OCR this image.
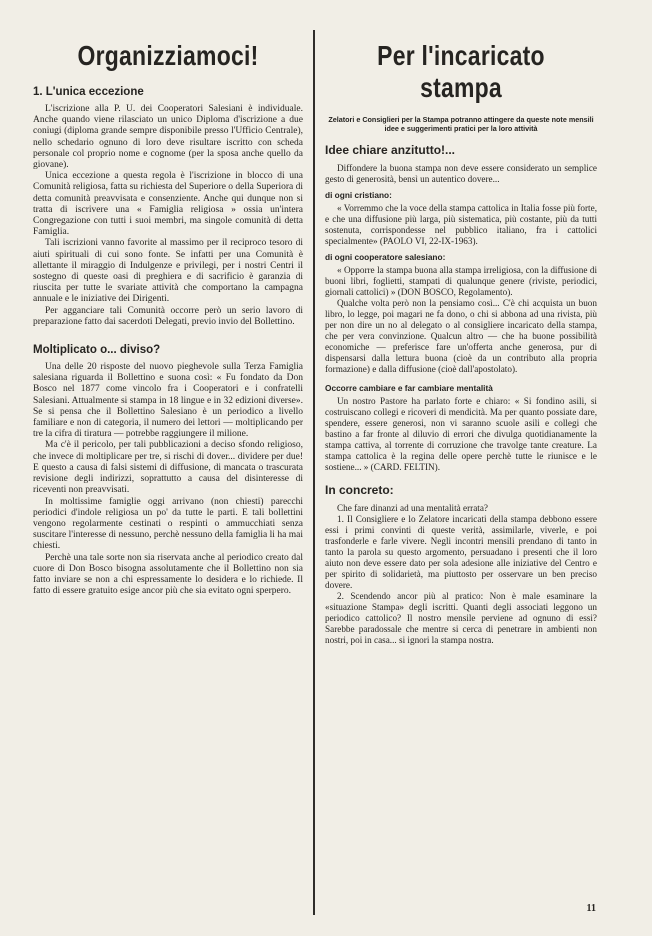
Organizziamoci!
1. L'unica eccezione

L'iscrizione alla P. U. dei Cooperatori Salesiani è individuale. Anche quando viene rilasciato un unico Diploma d'iscrizione a due coniugi (diploma grande sempre disponibile presso l'Ufficio Centrale), nello schedario ognuno di loro deve risultare iscritto con scheda personale col proprio nome e cognome (per la sposa anche quello da giovane).

Unica eccezione a questa regola è l'iscrizione in blocco di una Comunità religiosa, fatta su richiesta del Superiore o della Superiora di detta comunità preavvisata e consenziente. Anche qui dunque non si tratta di iscrivere una « Famiglia religiosa » ossia un'intera Congregazione con tutti i suoi membri, ma singole comunità di detta Famiglia.

Tali iscrizioni vanno favorite al massimo per il reciproco tesoro di aiuti spirituali di cui sono fonte. Se infatti per una Comunità è allettante il miraggio di Indulgenze e privilegi, per i nostri Centri il sostegno di queste oasi di preghiera e di sacrificio è garanzia di riuscita per tutte le svariate attività che comportano la campagna annuale e le iniziative dei Dirigenti.

Per agganciare tali Comunità occorre però un serio lavoro di preparazione fatto dai sacerdoti Delegati, previo invio del Bollettino.

Moltiplicato o... diviso?

Una delle 20 risposte del nuovo pieghevole sulla Terza Famiglia salesiana riguarda il Bollettino e suona così: « Fu fondato da Don Bosco nel 1877 come vincolo fra i Cooperatori e i confratelli Salesiani. Attualmente si stampa in 18 lingue e in 32 edizioni diverse». Se si pensa che il Bollettino Salesiano è un periodico a livello familiare e non di categoria, il numero dei lettori — moltiplicando per tre la cifra di tiratura — potrebbe raggiungere il milione.

Ma c'è il pericolo, per tali pubblicazioni a deciso sfondo religioso, che invece di moltiplicare per tre, si rischi di dover... dividere per due! E questo a causa di falsi sistemi di diffusione, di mancata o trascurata revisione degli indirizzi, soprattutto a causa del disinteresse di riceventi non preavvisati.

In moltissime famiglie oggi arrivano (non chiesti) parecchi periodici d'indole religiosa un po' da tutte le parti. E tali bollettini vengono regolarmente cestinati o respinti o ammucchiati senza suscitare l'interesse di nessuno, perchè nessuno della famiglia li ha mai chiesti.

Perchè una tale sorte non sia riservata anche al periodico creato dal cuore di Don Bosco bisogna assolutamente che il Bollettino non sia fatto inviare se non a chi espressamente lo desidera e lo richiede. Il fatto di essere gratuito esige ancor più che sia evitato ogni sperpero.

Per l'incaricato stampa
Zelatori e Consiglieri per la Stampa potranno attingere da queste note mensili idee e suggerimenti pratici per la loro attività
Idee chiare anzitutto!...

Diffondere la buona stampa non deve essere considerato un semplice gesto di generosità, bensì un autentico dovere...

di ogni cristiano:

« Vorremmo che la voce della stampa cattolica in Italia fosse più forte, e che una diffusione più larga, più sistematica, più costante, più da tutti sostenuta, corrispondesse nel pubblico italiano, fra i cattolici specialmente» (PAOLO VI, 22-IX-1963).

di ogni cooperatore salesiano:

« Opporre la stampa buona alla stampa irreligiosa, con la diffusione di buoni libri, foglietti, stampati di qualunque genere (riviste, periodici, giornali cattolici) » (DON BOSCO, Regolamento).

Qualche volta però non la pensiamo così... C'è chi acquista un buon libro, lo legge, poi magari ne fa dono, o chi si abbona ad una rivista, più per non dire un no al delegato o al consigliere incaricato della stampa, che per vera convinzione. Qualcun altro — che ha buone possibilità economiche — preferisce fare un'offerta anche generosa, pur di dispensarsi dalla lettura buona (cioè da un contributo alla propria formazione) e dalla diffusione (cioè dall'apostolato).

Occorre cambiare e far cambiare mentalità

Un nostro Pastore ha parlato forte e chiaro: « Si fondino asili, si costruiscano collegi e ricoveri di mendicità. Ma per quanto possiate dare, spendere, essere generosi, non vi saranno scuole asili e collegi che bastino a far fronte al diluvio di errori che divulga quotidianamente la stampa cattiva, al torrente di corruzione che travolge tante creature. La stampa cattolica è la regina delle opere perchè tutte le riunisce e le sostiene... » (CARD. FELTIN).

In concreto:

Che fare dinanzi ad una mentalità errata?

1. Il Consigliere e lo Zelatore incaricati della stampa debbono essere essi i primi convinti di queste verità, assimilarle, viverle, e poi trasfonderle e farle vivere. Negli incontri mensili prendano di tanto in tanto la parola su questo argomento, persuadano i presenti che il loro aiuto non deve essere dato per sola adesione alle iniziative del Centro e per spirito di solidarietà, ma piuttosto per osservare un ben preciso dovere.

2. Scendendo ancor più al pratico: Non è male esaminare la «situazione Stampa» degli iscritti. Quanti degli associati leggono un periodico cattolico? Il nostro mensile perviene ad ognuno di essi? Sarebbe paradossale che mentre si cerca di penetrare in ambienti non nostri, poi in casa... si ignori la stampa nostra.

11
